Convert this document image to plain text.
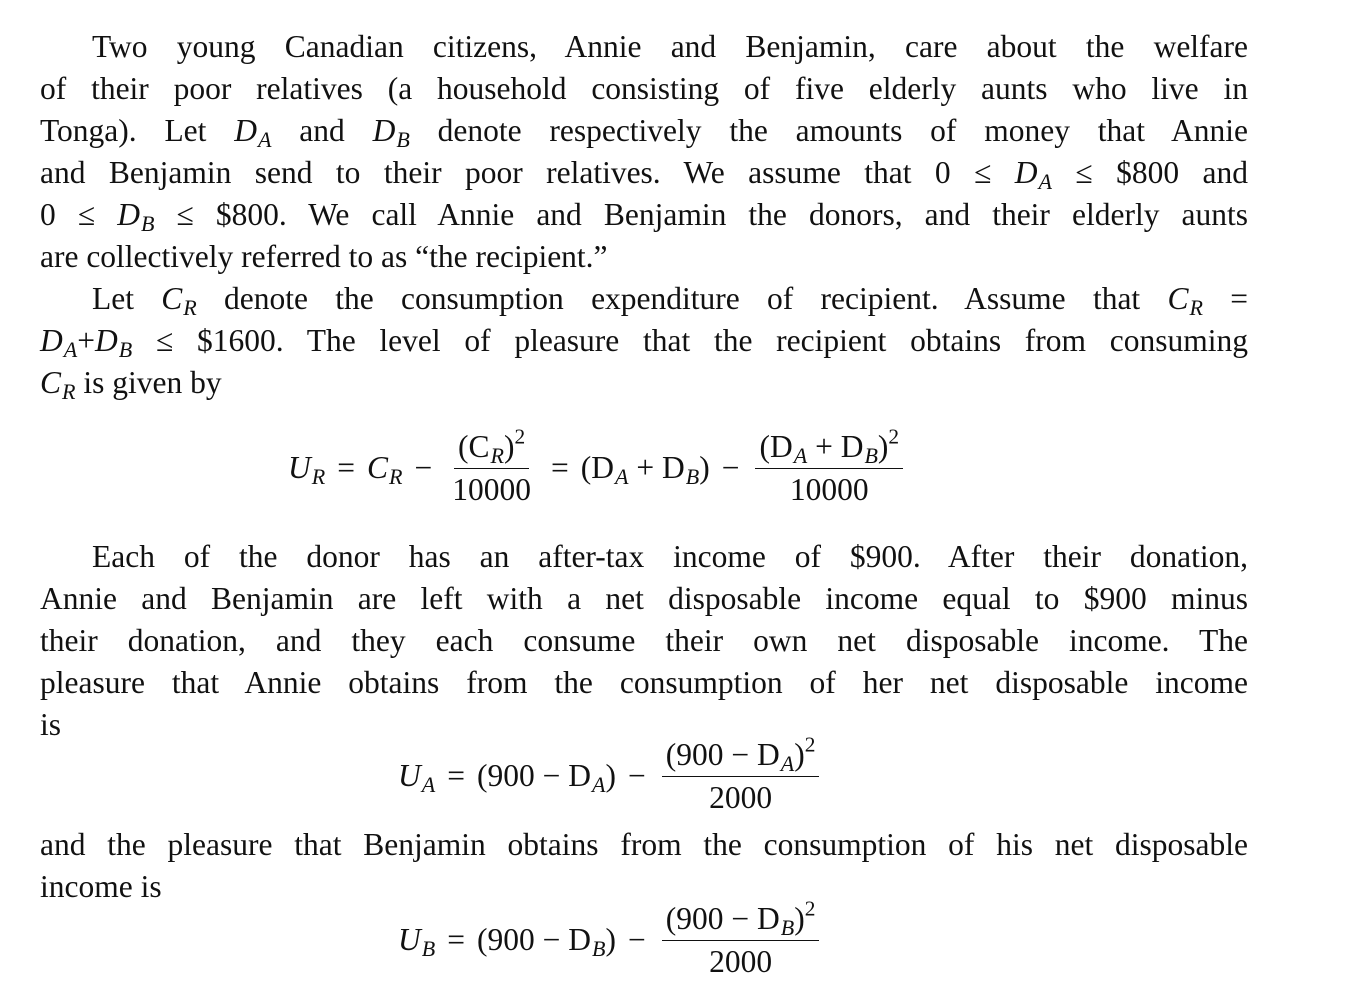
Two young Canadian citizens, Annie and Benjamin, care about the welfare
of their poor relatives (a household consisting of five elderly aunts who live in
Tonga). Let $D_A$ and $D_B$ denote respectively the amounts of money that Annie
and Benjamin send to their poor relatives. We assume that $0 \le D_A$ ≤ $800 and
$0 \le D_B$ ≤ $800. We call Annie and Benjamin the donors, and their elderly aunts
are collectively referred to as “the recipient.”
Let $C_R$ denote the consumption expenditure of recipient. Assume that $C_R$ =
$D_A+D_B$ ≤ $1600. The level of pleasure that the recipient obtains from consuming
$C_R$ is given by
Each of the donor has an after-tax income of $900. After their donation,
Annie and Benjamin are left with a net disposable income equal to $900 minus
their donation, and they each consume their own net disposable income. The
pleasure that Annie obtains from the consumption of her net disposable income
is
and the pleasure that Benjamin obtains from the consumption of his net disposable
income is
$U_R = C_R - \frac{(C_R)^2}{10000} = (D_A + D_B) - \frac{(D_A + D_B)^2}{10000}$
$U_A = (900 - D_A) - \frac{(900 - D_A)^2}{2000}$
$U_B = (900 - D_B) - \frac{(900 - D_B)^2}{2000}$
